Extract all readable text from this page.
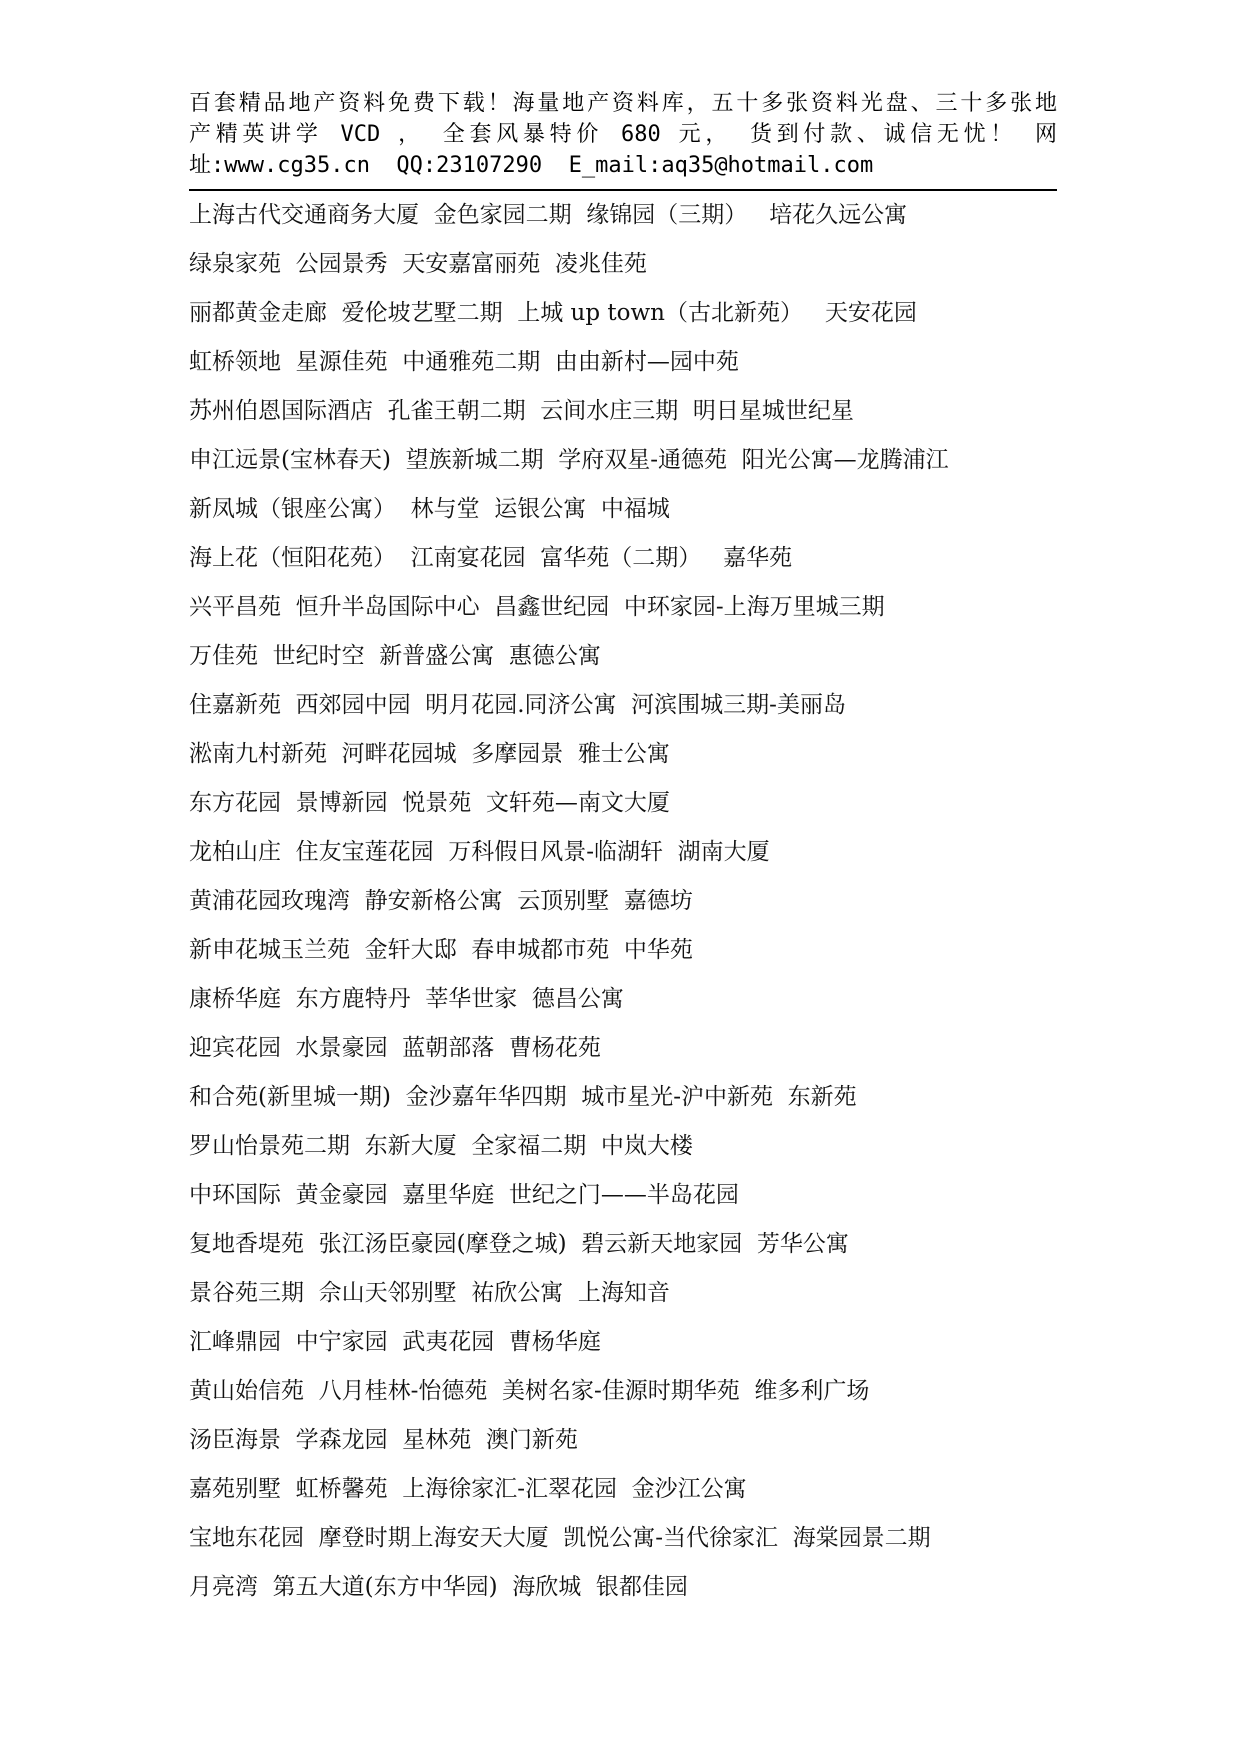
百套精品地产资料免费下载！海量地产资料库，五十多张资料光盘、三十多张地
产精英讲学 VCD ， 全套风暴特价 680 元， 货到付款、诚信无忧！ 网
址:www.cg35.cn  QQ:23107290  E_mail:aq35@hotmail.com
上海古代交通商务大厦  金色家园二期  缘锦园（三期）   培花久远公寓
绿泉家苑  公园景秀  天安嘉富丽苑  凌兆佳苑
丽都黄金走廊  爱伦坡艺墅二期  上城 up town（古北新苑）   天安花园
虹桥领地  星源佳苑  中通雅苑二期  由由新村—园中苑
苏州伯恩国际酒店  孔雀王朝二期  云间水庄三期  明日星城世纪星
申江远景(宝林春天)  望族新城二期  学府双星-通德苑  阳光公寓—龙腾浦江
新凤城（银座公寓）  林与堂  运银公寓  中福城
海上花（恒阳花苑）  江南宴花园  富华苑（二期）   嘉华苑
兴平昌苑  恒升半岛国际中心  昌鑫世纪园  中环家园-上海万里城三期
万佳苑  世纪时空  新普盛公寓  惠德公寓
住嘉新苑  西郊园中园  明月花园.同济公寓  河滨围城三期-美丽岛
淞南九村新苑  河畔花园城  多摩园景  雅士公寓
东方花园  景博新园  悦景苑  文轩苑—南文大厦
龙柏山庄  住友宝莲花园  万科假日风景-临湖轩  湖南大厦
黄浦花园玫瑰湾  静安新格公寓  云顶别墅  嘉德坊
新申花城玉兰苑  金轩大邸  春申城都市苑  中华苑
康桥华庭  东方鹿特丹  莘华世家  德昌公寓
迎宾花园  水景豪园  蓝朝部落  曹杨花苑
和合苑(新里城一期)  金沙嘉年华四期  城市星光-沪中新苑  东新苑
罗山怡景苑二期  东新大厦  全家福二期  中岚大楼
中环国际  黄金豪园  嘉里华庭  世纪之门——半岛花园
复地香堤苑  张江汤臣豪园(摩登之城)  碧云新天地家园  芳华公寓
景谷苑三期  佘山天邻别墅  祐欣公寓  上海知音
汇峰鼎园  中宁家园  武夷花园  曹杨华庭
黄山始信苑  八月桂林-怡德苑  美树名家-佳源时期华苑  维多利广场
汤臣海景  学森龙园  星林苑  澳门新苑
嘉苑别墅  虹桥馨苑  上海徐家汇-汇翠花园  金沙江公寓
宝地东花园  摩登时期上海安天大厦  凯悦公寓-当代徐家汇  海棠园景二期
月亮湾  第五大道(东方中华园)  海欣城  银都佳园
